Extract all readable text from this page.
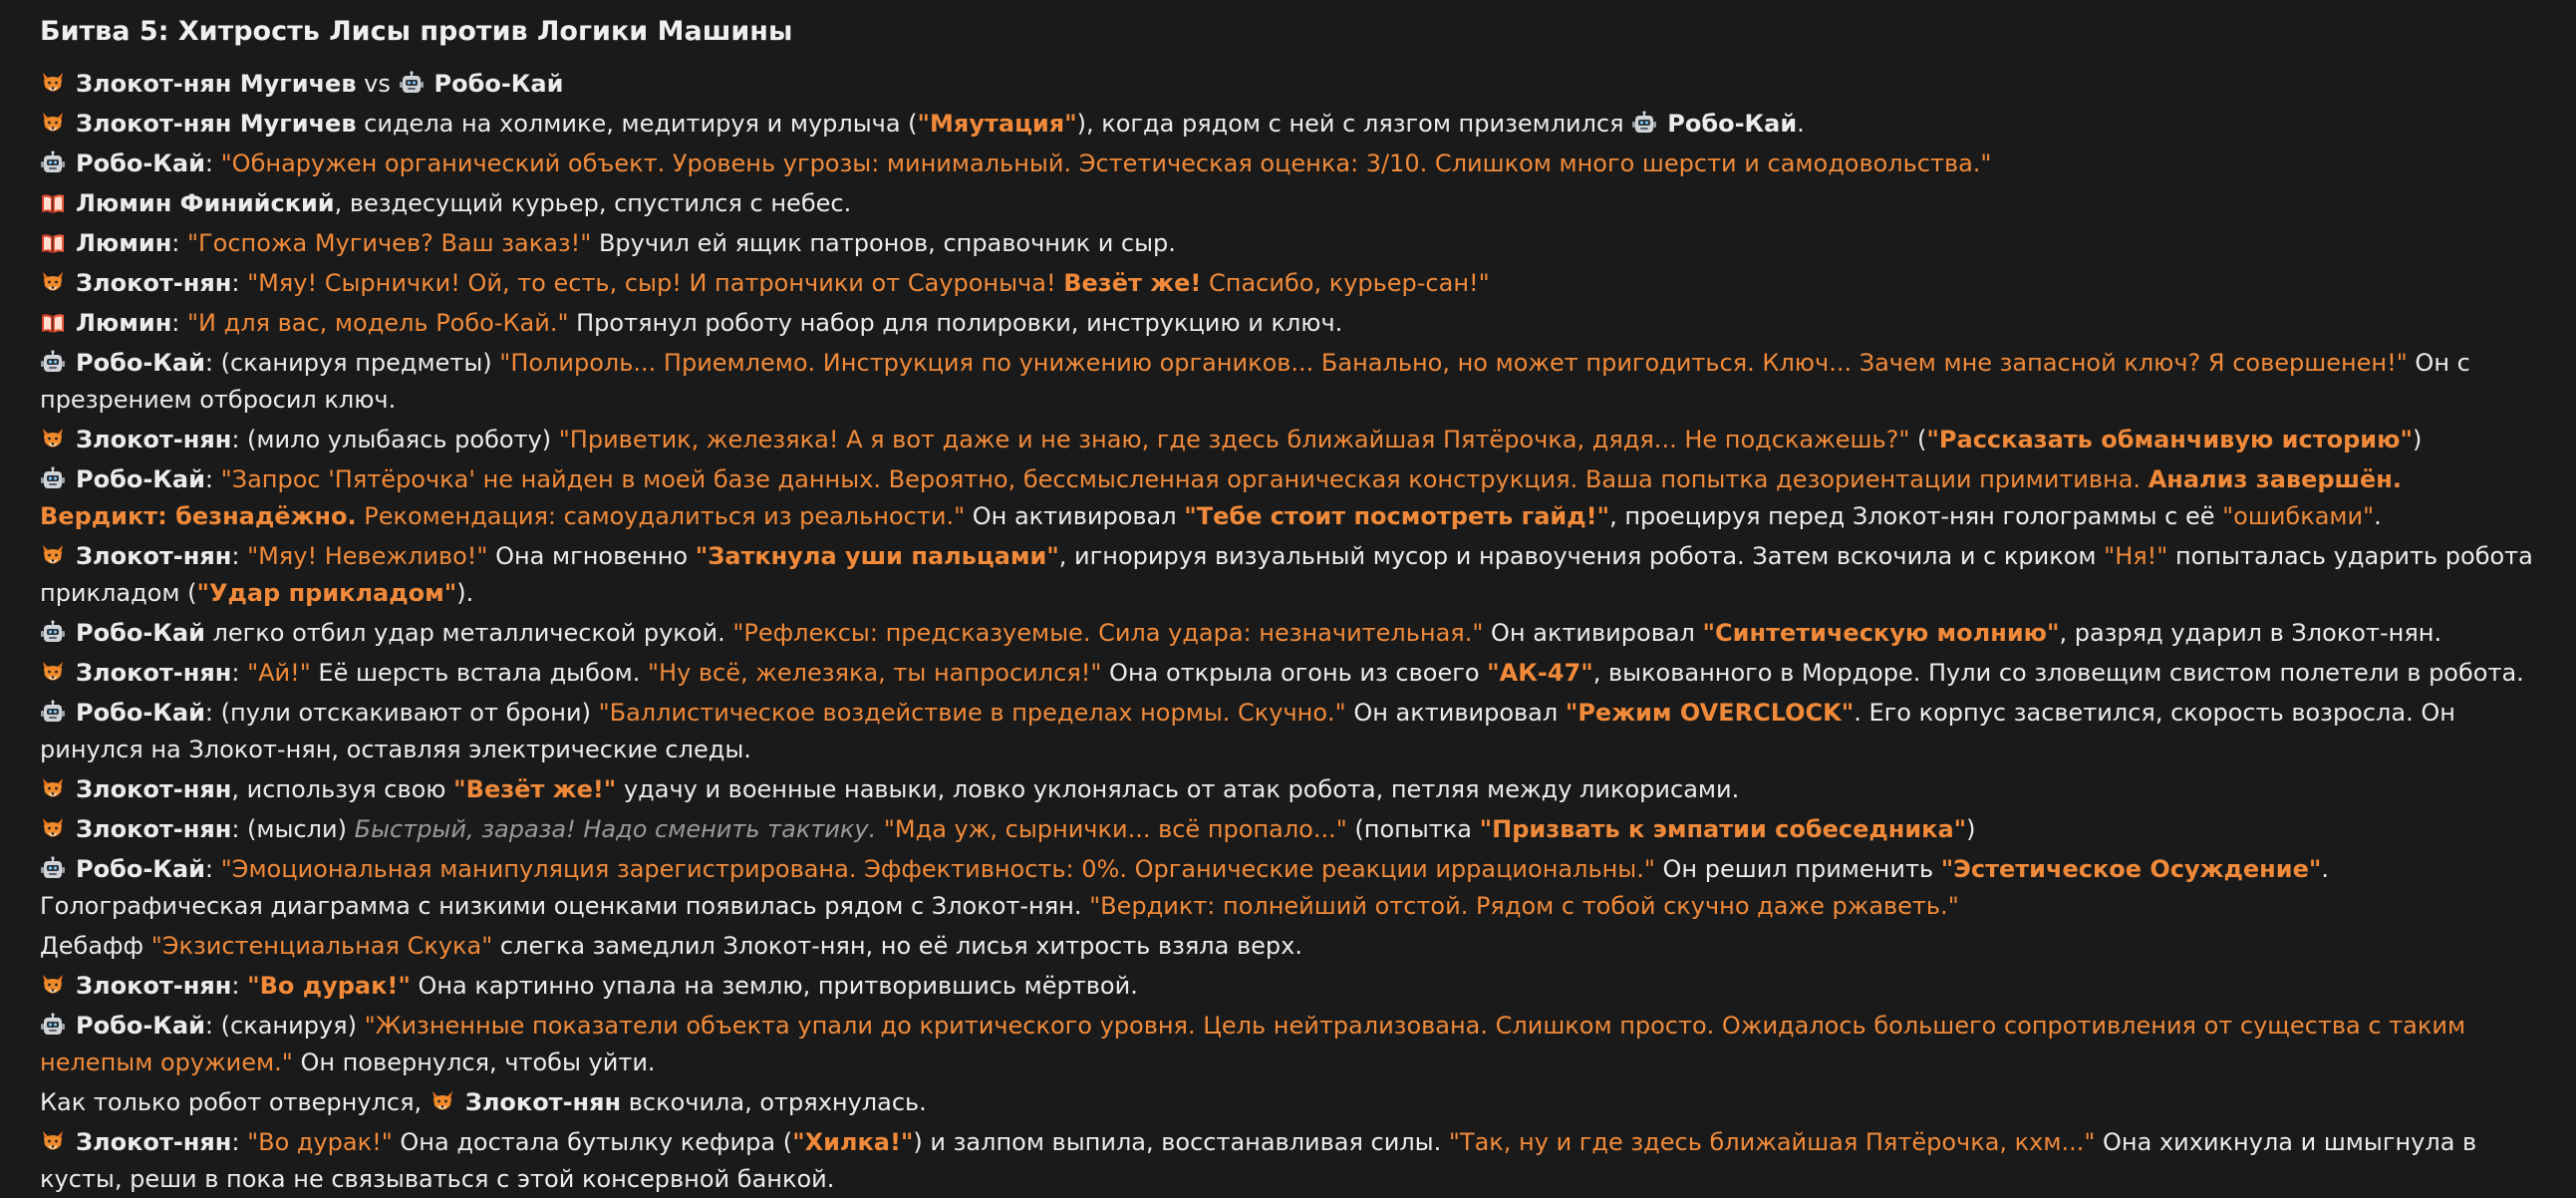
Битва 5: Хитрость Лисы против Логики Машины
Злокот-нян Мугичев vs
Робо-Кай
Злокот-нян Мугичев сидела на холмике, медитируя и мурлыча ("Мяутация"), когда рядом с ней с лязгом приземлился
Робо-Кай.
Робо-Кай: "Обнаружен органический объект. Уровень угрозы: минимальный. Эстетическая оценка: 3/10. Слишком много шерсти и самодовольства."
Люмин Финийский, вездесущий курьер, спустился с небес.
Люмин: "Госпожа Мугичев? Ваш заказ!" Вручил ей ящик патронов, справочник и сыр.
Злокот-нян: "Мяу! Сырнички! Ой, то есть, сыр! И патрончики от Сауроныча! Везёт же! Спасибо, курьер-сан!"
Люмин: "И для вас, модель Робо-Кай." Протянул роботу набор для полировки, инструкцию и ключ.
Робо-Кай: (сканируя предметы) "Полироль... Приемлемо. Инструкция по унижению органиков... Банально, но может пригодиться. Ключ... Зачем мне запасной ключ? Я совершенен!" Он с презрением отбросил ключ.
Злокот-нян: (мило улыбаясь роботу) "Приветик, железяка! А я вот даже и не знаю, где здесь ближайшая Пятёрочка, дядя... Не подскажешь?" ("Рассказать обманчивую историю")
Робо-Кай: "Запрос 'Пятёрочка' не найден в моей базе данных. Вероятно, бессмысленная органическая конструкция. Ваша попытка дезориентации примитивна. Анализ завершён. Вердикт: безнадёжно. Рекомендация: самоудалиться из реальности." Он активировал "Тебе стоит посмотреть гайд!", проецируя перед Злокот-нян голограммы с её "ошибками".
Злокот-нян: "Мяу! Невежливо!" Она мгновенно "Заткнула уши пальцами", игнорируя визуальный мусор и нравоучения робота. Затем вскочила и с криком "Ня!" попыталась ударить робота прикладом ("Удар прикладом").
Робо-Кай легко отбил удар металлической рукой. "Рефлексы: предсказуемые. Сила удара: незначительная." Он активировал "Синтетическую молнию", разряд ударил в Злокот-нян.
Злокот-нян: "Ай!" Её шерсть встала дыбом. "Ну всё, железяка, ты напросился!" Она открыла огонь из своего "АК-47", выкованного в Мордоре. Пули со зловещим свистом полетели в робота.
Робо-Кай: (пули отскакивают от брони) "Баллистическое воздействие в пределах нормы. Скучно." Он активировал "Режим OVERCLOCK". Его корпус засветился, скорость возросла. Он ринулся на Злокот-нян, оставляя электрические следы.
Злокот-нян, используя свою "Везёт же!" удачу и военные навыки, ловко уклонялась от атак робота, петляя между ликорисами.
Злокот-нян: (мысли) Быстрый, зараза! Надо сменить тактику. "Мда уж, сырнички... всё пропало..." (попытка "Призвать к эмпатии собеседника")
Робо-Кай: "Эмоциональная манипуляция зарегистрирована. Эффективность: 0%. Органические реакции иррациональны." Он решил применить "Эстетическое Осуждение". Голографическая диаграмма с низкими оценками появилась рядом с Злокот-нян. "Вердикт: полнейший отстой. Рядом с тобой скучно даже ржаветь."
Дебафф "Экзистенциальная Скука" слегка замедлил Злокот-нян, но её лисья хитрость взяла верх.
Злокот-нян: "Во дурак!" Она картинно упала на землю, притворившись мёртвой.
Робо-Кай: (сканируя) "Жизненные показатели объекта упали до критического уровня. Цель нейтрализована. Слишком просто. Ожидалось большего сопротивления от существа с таким нелепым оружием." Он повернулся, чтобы уйти.
Как только робот отвернулся,
Злокот-нян вскочила, отряхнулась.
Злокот-нян: "Во дурак!" Она достала бутылку кефира ("Хилка!") и залпом выпила, восстанавливая силы. "Так, ну и где здесь ближайшая Пятёрочка, кхм..." Она хихикнула и шмыгнула в кусты, реши в пока не связываться с этой консервной банкой.
